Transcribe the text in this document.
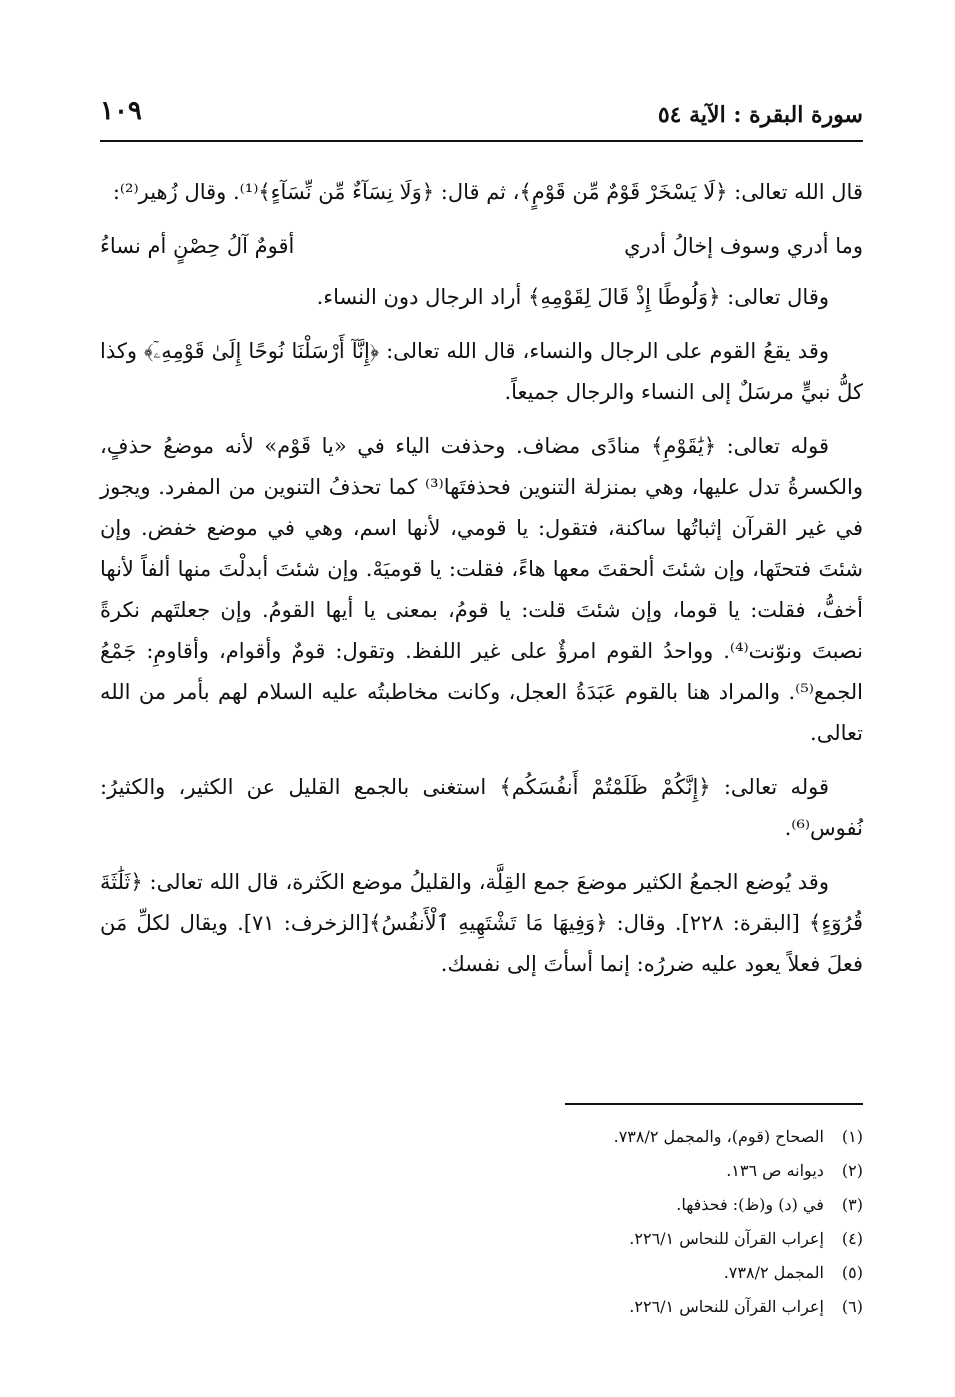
سورة البقرة : الآية ٥٤
١٠٩

قال الله تعالى: ﴿لَا يَسْخَرْ قَوْمٌ مِّن قَوْمٍ﴾، ثم قال: ﴿وَلَا نِسَآءٌ مِّن نِّسَآءٍ﴾⁽¹⁾. وقال زُهير⁽²⁾:

وما أدري وسوف إخالُ أدري
أقومٌ آلُ حِصْنٍ أم نساءُ

وقال تعالى: ﴿وَلُوطًا إِذْ قَالَ لِقَوْمِهِ﴾ أراد الرجال دون النساء.

وقد يقعُ القوم على الرجال والنساء، قال الله تعالى: ﴿إِنَّآ أَرْسَلْنَا نُوحًا إِلَىٰ قَوْمِهِۦٓ﴾ وكذا كلُّ نبيٍّ مرسَلٌ إلى النساء والرجال جميعاً.

قوله تعالى: ﴿يَٰقَوْمِ﴾ منادًى مضاف. وحذفت الياء في «يا قَوْم» لأنه موضعُ حذفٍ، والكسرةُ تدل عليها، وهي بمنزلة التنوين فحذفتَها⁽³⁾ كما تحذفُ التنوين من المفرد. ويجوز في غير القرآن إثباتُها ساكنة، فتقول: يا قومي، لأنها اسم، وهي في موضع خفض. وإن شئتَ فتحتَها، وإن شئتَ ألحقتَ معها هاءً، فقلت: يا قوميَهْ. وإن شئتَ أبدلْتَ منها ألفاً لأنها أخفُّ، فقلت: يا قوما، وإن شئتَ قلت: يا قومُ، بمعنى يا أيها القومُ. وإن جعلتَهم نكرةً نصبتَ ونوّنت⁽⁴⁾. وواحدُ القوم امرؤٌ على غير اللفظ. وتقول: قومٌ وأقوام، وأقاومِ: جَمْعُ الجمع⁽⁵⁾. والمراد هنا بالقوم عَبَدَةُ العجل، وكانت مخاطبتُه عليه السلام لهم بأمر من الله تعالى.

قوله تعالى: ﴿إِنَّكُمْ ظَلَمْتُمْ أَنفُسَكُم﴾ استغنى بالجمع القليل عن الكثير، والكثيرُ: نُفوس⁽⁶⁾.

وقد يُوضع الجمعُ الكثير موضعَ جمع القِلَّة، والقليلُ موضع الكَثرة، قال الله تعالى: ﴿ثَلَٰثَةَ قُرُوٓءٍ﴾ [البقرة: ٢٢٨]. وقال: ﴿وَفِيهَا مَا تَشْتَهِيهِ ٱلْأَنفُسُ﴾[الزخرف: ٧١]. ويقال لكلِّ مَن فعلَ فعلاً يعود عليه ضررُه: إنما أسأتَ إلى نفسك.

(١) الصحاح (قوم)، والمجمل ٧٣٨/٢.
(٢) ديوانه ص ١٣٦.
(٣) في (د) و(ظ): فحذفها.
(٤) إعراب القرآن للنحاس ٢٢٦/١.
(٥) المجمل ٧٣٨/٢.
(٦) إعراب القرآن للنحاس ٢٢٦/١.
